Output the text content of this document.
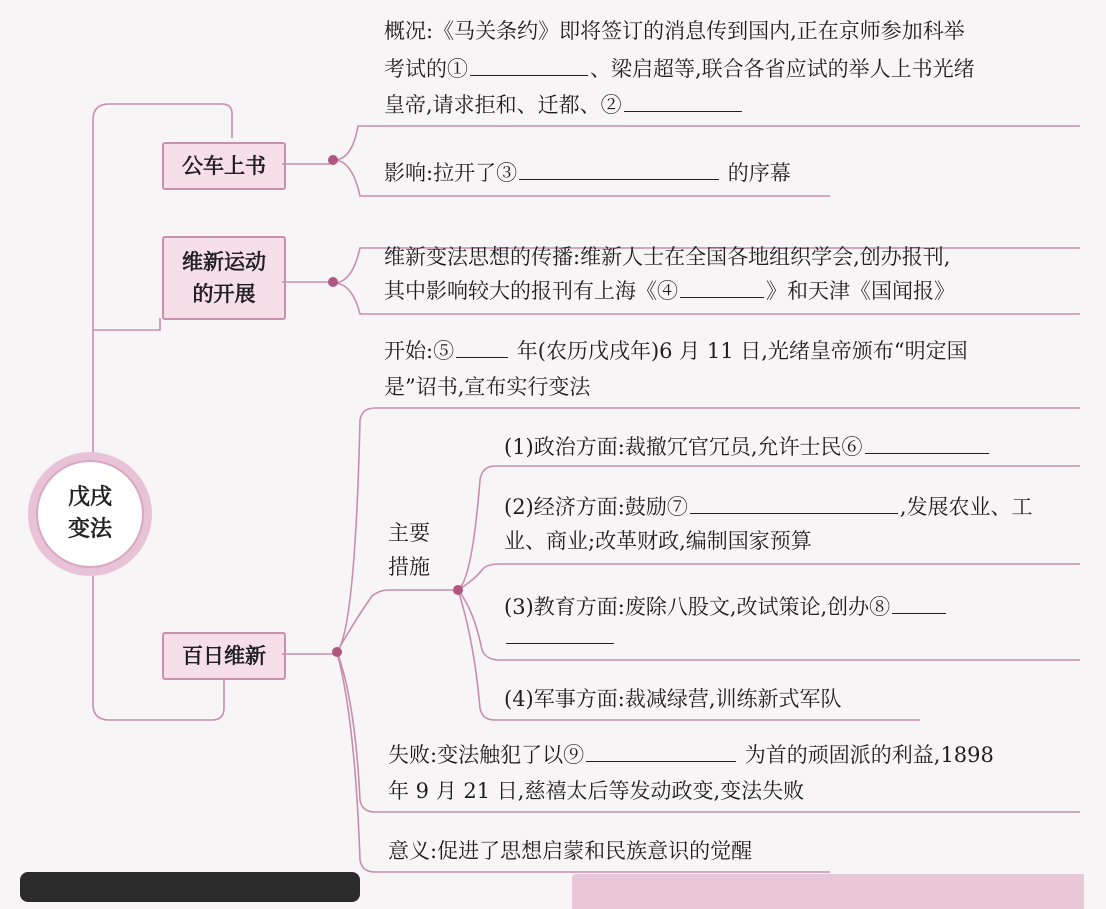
戊戌
变法
公车上书
维新运动
的开展
百日维新
概况:《马关条约》即将签订的消息传到国内,正在京师参加科举
考试的①	、梁启超等,联合各省应试的举人上书光绪
皇帝,请求拒和、迁都、②
影响:拉开了③	的序幕
维新变法思想的传播:维新人士在全国各地组织学会,创办报刊,
其中影响较大的报刊有上海《④	》和天津《国闻报》
开始:⑤	年(农历戊戌年)6 月 11 日,光绪皇帝颁布“明定国
是”诏书,宣布实行变法
主要
措施
(1)政治方面:裁撤冗官冗员,允许士民⑥
(2)经济方面:鼓励⑦	,发展农业、工
业、商业;改革财政,编制国家预算
(3)教育方面:废除八股文,改试策论,创办⑧
(4)军事方面:裁减绿营,训练新式军队
失败:变法触犯了以⑨	为首的顽固派的利益,1898
年 9 月 21 日,慈禧太后等发动政变,变法失败
意义:促进了思想启蒙和民族意识的觉醒
